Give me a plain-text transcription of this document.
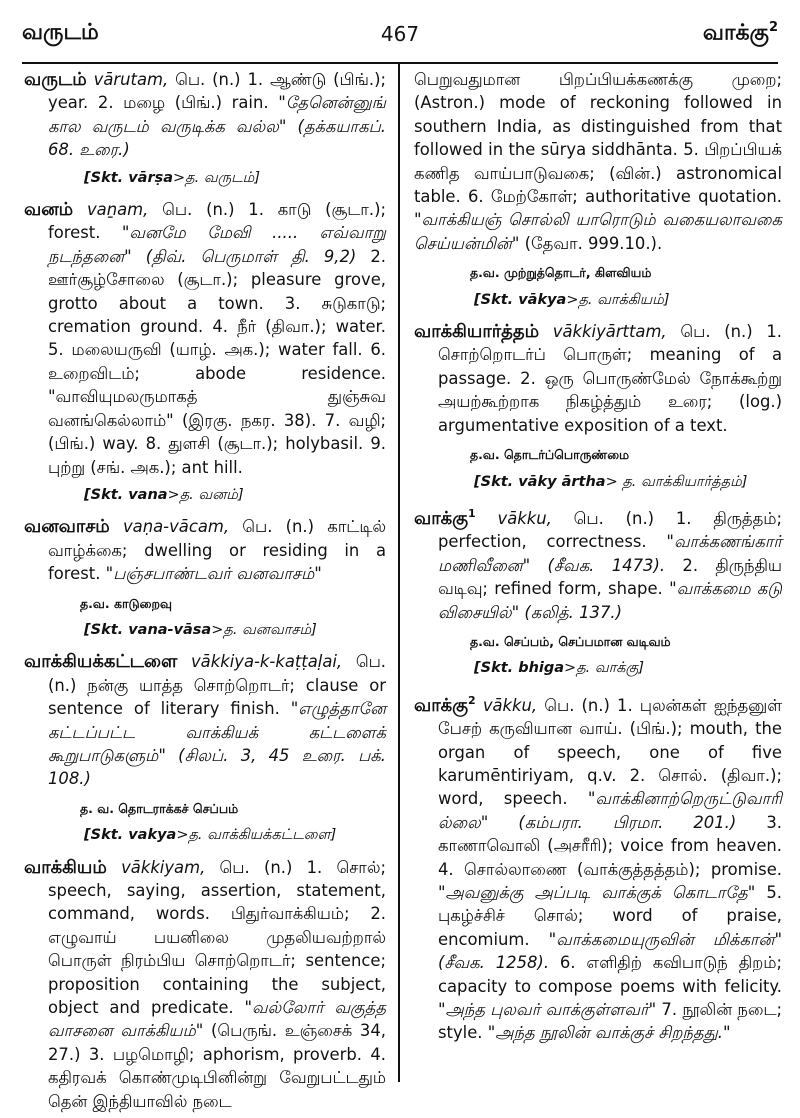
வருடம்	467	வாக்கு$^2$

வருடம் vārutam, பெ. (n.) 1. ஆண்டு (பிங்.); year. 2. மழை (பிங்.) rain. "தேனென்னுங் கால வருடம் வருடிக்க வல்ல" (தக்கயாகப். 68. உரை.)

[Skt. vārṣa>த. வருடம்]

வனம் vaṉam, பெ. (n.) 1. காடு (சூடா.); forest. "வனமே மேவி ..... எவ்வாறு நடந்தனை" (திவ். பெருமாள் தி. 9,2) 2. ஊர்சூழ்சோலை (சூடா.); pleasure grove, grotto about a town. 3. சுடுகாடு; cremation ground. 4. நீர் (திவா.); water. 5. மலையருவி (யாழ். அக.); water fall. 6. உறைவிடம்; abode residence. "வாவியுமலருமாகத் துஞ்சுவ வனங்கெல்லாம்" (இரகு. நகர. 38). 7. வழி; (பிங்.) way. 8. துளசி (சூடா.); holybasil. 9. புற்று (சங். அக.); ant hill.

[Skt. vana>த. வனம்]

வனவாசம் vaṇa-vācam, பெ. (n.) காட்டில் வாழ்க்கை; dwelling or residing in a forest. "பஞ்சபாண்டவர் வனவாசம்"

த.வ. காடுறைவு
[Skt. vana-vāsa>த. வனவாசம்]

வாக்கியக்கட்டளை vākkiya-k-kaṭṭaḷai, பெ. (n.) நன்கு யாத்த சொற்றொடர்; clause or sentence of literary finish. "எழுத்தானே கட்டப்பட்ட வாக்கியக் கட்டளைக் கூறுபாடுகளும்" (சிலப். 3, 45 உரை. பக். 108.)

த. வ. தொடராக்கச் செப்பம்
[Skt. vakya>த. வாக்கியக்கட்டளை]

வாக்கியம் vākkiyam, பெ. (n.) 1. சொல்; speech, saying, assertion, statement, command, words. பிதுர்வாக்கியம்; 2. எழுவாய் பயனிலை முதலியவற்றால் பொருள் நிரம்பிய சொற்றொடர்; sentence; proposition containing the subject, object and predicate. "வல்லோர் வகுத்த வாசனை வாக்கியம்" (பெருங். உஞ்சைக் 34, 27.) 3. பழமொழி; aphorism, proverb. 4. கதிரவக் கொண்முடிபினின்று வேறுபட்டதும் தென் இந்தியாவில் நடை

பெறுவதுமான பிறப்பியக்கணக்கு முறை; (Astron.) mode of reckoning followed in southern India, as distinguished from that followed in the sūrya siddhānta. 5. பிறப்பியக் கணித வாய்பாடுவகை; (வின்.) astronomical table. 6. மேற்கோள்; authoritative quotation. "வாக்கியஞ் சொல்லி யாரொடும் வகையலாவகை செய்யன்மின்" (தேவா. 999.10.).

த.வ. முற்றுத்தொடர், கிளவியம்
[Skt. vākya>த. வாக்கியம்]

வாக்கியார்த்தம் vākkiyārttam, பெ. (n.) 1. சொற்றொடர்ப் பொருள்; meaning of a passage. 2. ஒரு பொருண்மேல் நோக்கூற்று அயற்கூற்றாக நிகழ்த்தும் உரை; (log.) argumentative exposition of a text.

த.வ. தொடர்ப்பொருண்மை
[Skt. vāky ārtha> த. வாக்கியார்த்தம்]

வாக்கு$^1$ vākku, பெ. (n.) 1. திருத்தம்; perfection, correctness. "வாக்கணங்கார் மணிவீனை" (சீவக. 1473). 2. திருந்திய வடிவு; refined form, shape. "வாக்கமை கடு விசையில்" (கலித். 137.)

த.வ. செப்பம், செப்பமான வடிவம்
[Skt. bhiga>த. வாக்கு]

வாக்கு$^2$ vākku, பெ. (n.) 1. புலன்கள் ஐந்தனுள் பேசற் கருவியான வாய். (பிங்.); mouth, the organ of speech, one of five karumēntiriyam, q.v. 2. சொல். (திவா.); word, speech. "வாக்கினாற்றெருட்டுவாரி ல்லை" (கம்பரா. பிரமா. 201.) 3. காணாவொலி (அசரீரி); voice from heaven. 4. சொல்லாணை (வாக்குத்தத்தம்); promise. "அவனுக்கு அப்படி வாக்குக் கொடாதே" 5. புகழ்ச்சிச் சொல்; word of praise, encomium. "வாக்கமையுருவின் மிக்கான்" (சீவக. 1258). 6. எளிதிற் கவிபாடுந் திறம்; capacity to compose poems with felicity. "அந்த புலவர் வாக்குள்ளவர்" 7. நூலின் நடை; style. "அந்த நூலின் வாக்குச் சிறந்தது."
